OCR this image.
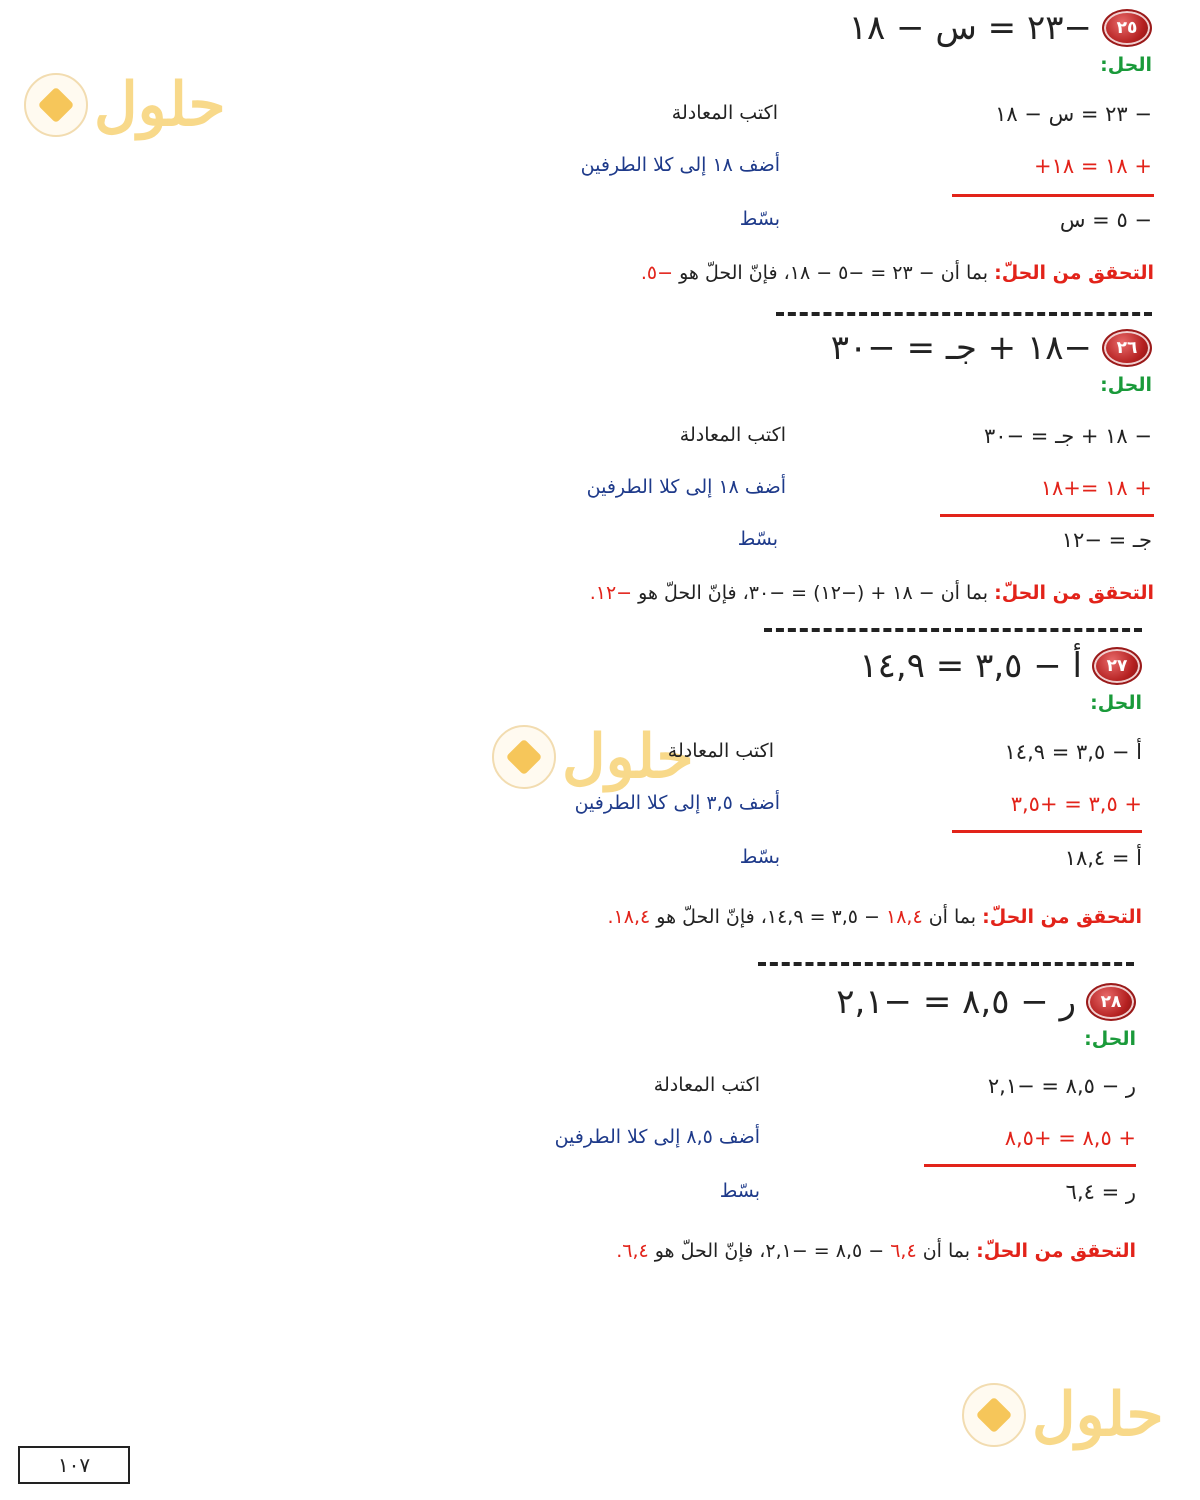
حلول
حلول
حلول
٢٥
−٢٣ = س − ١٨
الحل:
− ٢٣ = س − ١٨
اكتب المعادلة
+ ١٨ = ١٨+
أضف ١٨ إلى كلا الطرفين
− ٥ = س
بسّط
التحقق من الحلّ: بما أن − ٢٣ = −٥ − ١٨، فإنّ الحلّ هو −٥.
٢٦
−١٨ + جـ = −٣٠
الحل:
− ١٨ + جـ = −٣٠
اكتب المعادلة
+ ١٨ =+١٨
أضف ١٨ إلى كلا الطرفين
جـ = −١٢
بسّط
التحقق من الحلّ: بما أن − ١٨ + (−١٢) = −٣٠، فإنّ الحلّ هو −١٢.
٢٧
أ − ٣,٥ = ١٤,٩
الحل:
أ − ٣,٥ = ١٤,٩
اكتب المعادلة
+ ٣,٥ = +٣,٥
أضف ٣,٥ إلى كلا الطرفين
أ = ١٨,٤
بسّط
التحقق من الحلّ: بما أن ١٨,٤ − ٣,٥ = ١٤,٩، فإنّ الحلّ هو ١٨,٤.
٢٨
ر − ٨,٥ = −٢,١
الحل:
ر − ٨,٥ = −٢,١
اكتب المعادلة
+ ٨,٥ = +٨,٥
أضف ٨,٥ إلى كلا الطرفين
ر = ٦,٤
بسّط
التحقق من الحلّ: بما أن ٦,٤ − ٨,٥ = −٢,١، فإنّ الحلّ هو ٦,٤.
١٠٧
